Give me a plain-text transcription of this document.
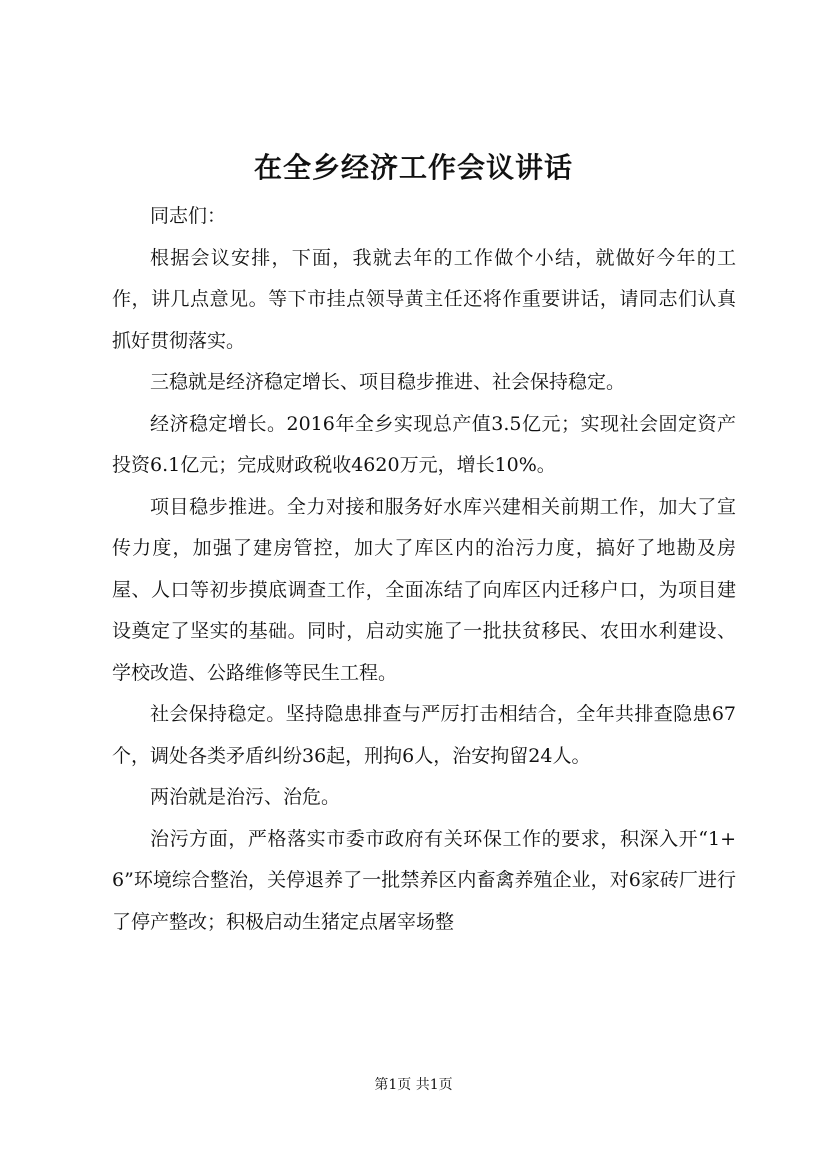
在全乡经济工作会议讲话

同志们：

根据会议安排，下面，我就去年的工作做个小结，就做好今年的工作，讲几点意见。等下市挂点领导黄主任还将作重要讲话，请同志们认真抓好贯彻落实。

三稳就是经济稳定增长、项目稳步推进、社会保持稳定。

经济稳定增长。2016年全乡实现总产值3.5亿元；实现社会固定资产投资6.1亿元；完成财政税收4620万元，增长10%。

项目稳步推进。全力对接和服务好水库兴建相关前期工作，加大了宣传力度，加强了建房管控，加大了库区内的治污力度，搞好了地勘及房屋、人口等初步摸底调查工作，全面冻结了向库区内迁移户口，为项目建设奠定了坚实的基础。同时，启动实施了一批扶贫移民、农田水利建设、学校改造、公路维修等民生工程。

社会保持稳定。坚持隐患排查与严厉打击相结合，全年共排查隐患67个，调处各类矛盾纠纷36起，刑拘6人，治安拘留24人。

两治就是治污、治危。

治污方面，严格落实市委市政府有关环保工作的要求，积深入开“1+6”环境综合整治，关停退养了一批禁养区内畜禽养殖企业，对6家砖厂进行了停产整改；积极启动生猪定点屠宰场整

第1页 共1页
